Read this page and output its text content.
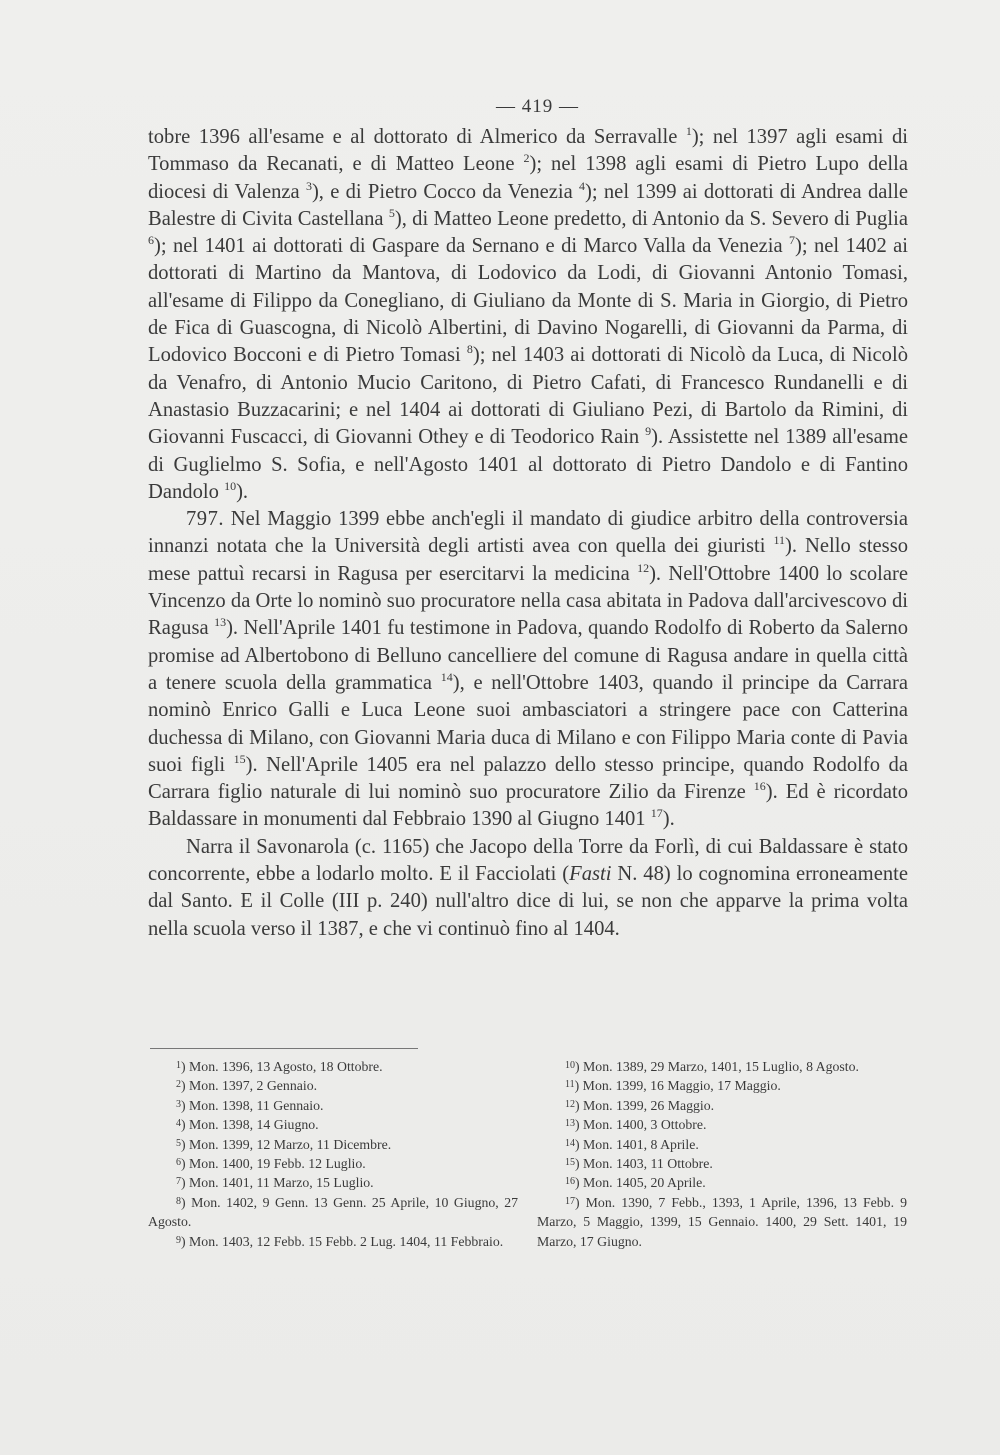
— 419 —

tobre 1396 all'esame e al dottorato di Almerico da Serravalle $^1$); nel 1397 agli esami di Tommaso da Recanati, e di Matteo Leone $^2$); nel 1398 agli esami di Pietro Lupo della diocesi di Valenza $^3$), e di Pietro Cocco da Venezia $^4$); nel 1399 ai dottorati di Andrea dalle Balestre di Civita Castellana $^5$), di Matteo Leone predetto, di Antonio da S. Severo di Puglia $^6$); nel 1401 ai dottorati di Gaspare da Sernano e di Marco Valla da Venezia $^7$); nel 1402 ai dottorati di Martino da Mantova, di Lodovico da Lodi, di Giovanni Antonio Tomasi, all'esame di Filippo da Conegliano, di Giuliano da Monte di S. Maria in Giorgio, di Pietro de Fica di Guascogna, di Nicolò Albertini, di Davino Nogarelli, di Giovanni da Parma, di Lodovico Bocconi e di Pietro Tomasi $^8$); nel 1403 ai dottorati di Nicolò da Luca, di Nicolò da Venafro, di Antonio Mucio Caritono, di Pietro Cafati, di Francesco Rundanelli e di Anastasio Buzzacarini; e nel 1404 ai dottorati di Giuliano Pezi, di Bartolo da Rimini, di Giovanni Fuscacci, di Giovanni Othey e di Teodorico Rain $^9$). Assistette nel 1389 all'esame di Guglielmo S. Sofia, e nell'Agosto 1401 al dottorato di Pietro Dandolo e di Fantino Dandolo $^{10}$).

797. Nel Maggio 1399 ebbe anch'egli il mandato di giudice arbitro della controversia innanzi notata che la Università degli artisti avea con quella dei giuristi $^{11}$). Nello stesso mese pattuì recarsi in Ragusa per esercitarvi la medicina $^{12}$). Nell'Ottobre 1400 lo scolare Vincenzo da Orte lo nominò suo procuratore nella casa abitata in Padova dall'arcivescovo di Ragusa $^{13}$). Nell'Aprile 1401 fu testimone in Padova, quando Rodolfo di Roberto da Salerno promise ad Albertobono di Belluno cancelliere del comune di Ragusa andare in quella città a tenere scuola della grammatica $^{14}$), e nell'Ottobre 1403, quando il principe da Carrara nominò Enrico Galli e Luca Leone suoi ambasciatori a stringere pace con Catterina duchessa di Milano, con Giovanni Maria duca di Milano e con Filippo Maria conte di Pavia suoi figli $^{15}$). Nell'Aprile 1405 era nel palazzo dello stesso principe, quando Rodolfo da Carrara figlio naturale di lui nominò suo procuratore Zilio da Firenze $^{16}$). Ed è ricordato Baldassare in monumenti dal Febbraio 1390 al Giugno 1401 $^{17}$).

Narra il Savonarola (c. 1165) che Jacopo della Torre da Forlì, di cui Baldassare è stato concorrente, ebbe a lodarlo molto. E il Facciolati (Fasti N. 48) lo cognomina erroneamente dal Santo. E il Colle (III p. 240) null'altro dice di lui, se non che apparve la prima volta nella scuola verso il 1387, e che vi continuò fino al 1404.

$^1$) Mon. 1396, 13 Agosto, 18 Ottobre.
$^2$) Mon. 1397, 2 Gennaio.
$^3$) Mon. 1398, 11 Gennaio.
$^4$) Mon. 1398, 14 Giugno.
$^5$) Mon. 1399, 12 Marzo, 11 Dicembre.
$^6$) Mon. 1400, 19 Febb. 12 Luglio.
$^7$) Mon. 1401, 11 Marzo, 15 Luglio.
$^8$) Mon. 1402, 9 Genn. 13 Genn. 25 Aprile, 10 Giugno, 27 Agosto.
$^9$) Mon. 1403, 12 Febb. 15 Febb. 2 Lug. 1404, 11 Febbraio.
$^{10}$) Mon. 1389, 29 Marzo, 1401, 15 Luglio, 8 Agosto.
$^{11}$) Mon. 1399, 16 Maggio, 17 Maggio.
$^{12}$) Mon. 1399, 26 Maggio.
$^{13}$) Mon. 1400, 3 Ottobre.
$^{14}$) Mon. 1401, 8 Aprile.
$^{15}$) Mon. 1403, 11 Ottobre.
$^{16}$) Mon. 1405, 20 Aprile.
$^{17}$) Mon. 1390, 7 Febb., 1393, 1 Aprile, 1396, 13 Febb. 9 Marzo, 5 Maggio, 1399, 15 Gennaio. 1400, 29 Sett. 1401, 19 Marzo, 17 Giugno.
